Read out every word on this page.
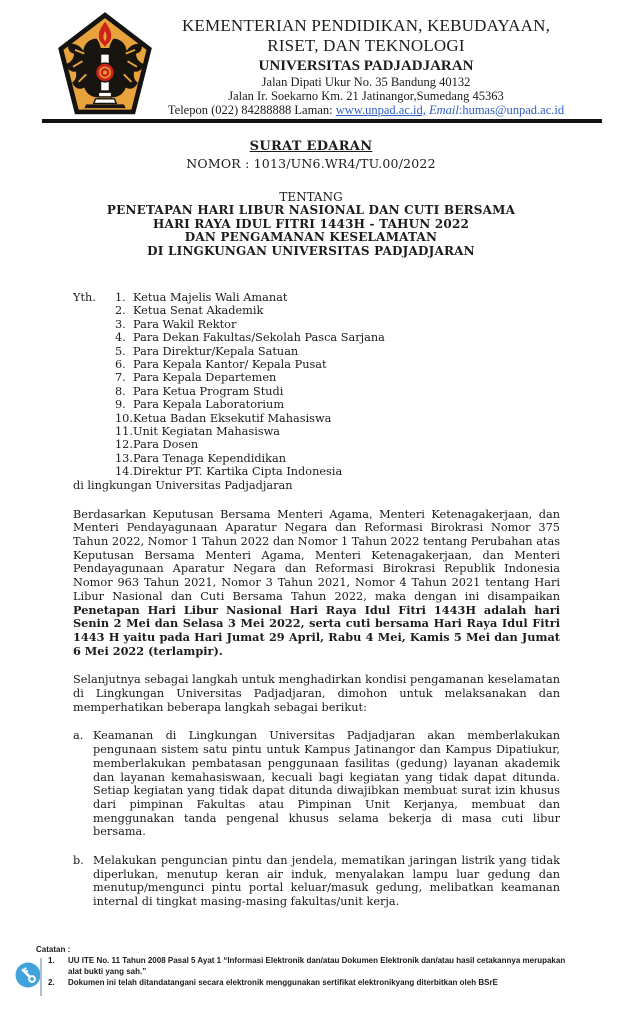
KEMENTERIAN PENDIDIKAN, KEBUDAYAAN,
RISET, DAN TEKNOLOGI
UNIVERSITAS PADJADJARAN
Jalan Dipati Ukur No. 35 Bandung 40132
Jalan Ir. Soekarno Km. 21 Jatinangor,Sumedang 45363
Telepon (022) 84288888 Laman: www.unpad.ac.id, Email:humas@unpad.ac.id
SURAT EDARAN
NOMOR : 1013/UN6.WR4/TU.00/2022
TENTANG
PENETAPAN HARI LIBUR NASIONAL DAN CUTI BERSAMA
HARI RAYA IDUL FITRI 1443H - TAHUN 2022
DAN PENGAMANAN KESELAMATAN
DI LINGKUNGAN UNIVERSITAS PADJADJARAN
Yth.	1. Ketua Majelis Wali Amanat
2. Ketua Senat Akademik
3. Para Wakil Rektor
4. Para Dekan Fakultas/Sekolah Pasca Sarjana
5. Para Direktur/Kepala Satuan
6. Para Kepala Kantor/ Kepala Pusat
7. Para Kepala Departemen
8. Para Ketua Program Studi
9. Para Kepala Laboratorium
10.Ketua Badan Eksekutif Mahasiswa
11.Unit Kegiatan Mahasiswa
12.Para Dosen
13.Para Tenaga Kependidikan
14.Direktur PT. Kartika Cipta Indonesia
di lingkungan Universitas Padjadjaran
Berdasarkan Keputusan Bersama Menteri Agama, Menteri Ketenagakerjaan, dan Menteri Pendayagunaan Aparatur Negara dan Reformasi Birokrasi Nomor 375 Tahun 2022, Nomor 1 Tahun 2022 dan Nomor 1 Tahun 2022 tentang Perubahan atas Keputusan Bersama Menteri Agama, Menteri Ketenagakerjaan, dan Menteri Pendayagunaan Aparatur Negara dan Reformasi Birokrasi Republik Indonesia Nomor 963 Tahun 2021, Nomor 3 Tahun 2021, Nomor 4 Tahun 2021 tentang Hari Libur Nasional dan Cuti Bersama Tahun 2022, maka dengan ini disampaikan Penetapan Hari Libur Nasional Hari Raya Idul Fitri 1443H adalah hari Senin 2 Mei dan Selasa 3 Mei 2022, serta cuti bersama Hari Raya Idul Fitri 1443 H yaitu pada Hari Jumat 29 April, Rabu 4 Mei, Kamis 5 Mei dan Jumat 6 Mei 2022 (terlampir).
Selanjutnya sebagai langkah untuk menghadirkan kondisi pengamanan keselamatan di Lingkungan Universitas Padjadjaran, dimohon untuk melaksanakan dan memperhatikan beberapa langkah sebagai berikut:
a. Keamanan di Lingkungan Universitas Padjadjaran akan memberlakukan pengunaan sistem satu pintu untuk Kampus Jatinangor dan Kampus Dipatiukur, memberlakukan pembatasan penggunaan fasilitas (gedung) layanan akademik dan layanan kemahasiswaan, kecuali bagi kegiatan yang tidak dapat ditunda. Setiap kegiatan yang tidak dapat ditunda diwajibkan membuat surat izin khusus dari pimpinan Fakultas atau Pimpinan Unit Kerjanya, membuat dan menggunakan tanda pengenal khusus selama bekerja di masa cuti libur bersama.
b. Melakukan penguncian pintu dan jendela, mematikan jaringan listrik yang tidak diperlukan, menutup keran air induk, menyalakan lampu luar gedung dan menutup/mengunci pintu portal keluar/masuk gedung, melibatkan keamanan internal di tingkat masing-masing fakultas/unit kerja.
Catatan :
1.	UU ITE No. 11 Tahun 2008 Pasal 5 Ayat 1 “Informasi Elektronik dan/atau Dokumen Elektronik dan/atau hasil cetakannya merupakan alat bukti yang sah.”
2.	Dokumen ini telah ditandatangani secara elektronik menggunakan sertifikat elektronikyang diterbitkan oleh BSrE
